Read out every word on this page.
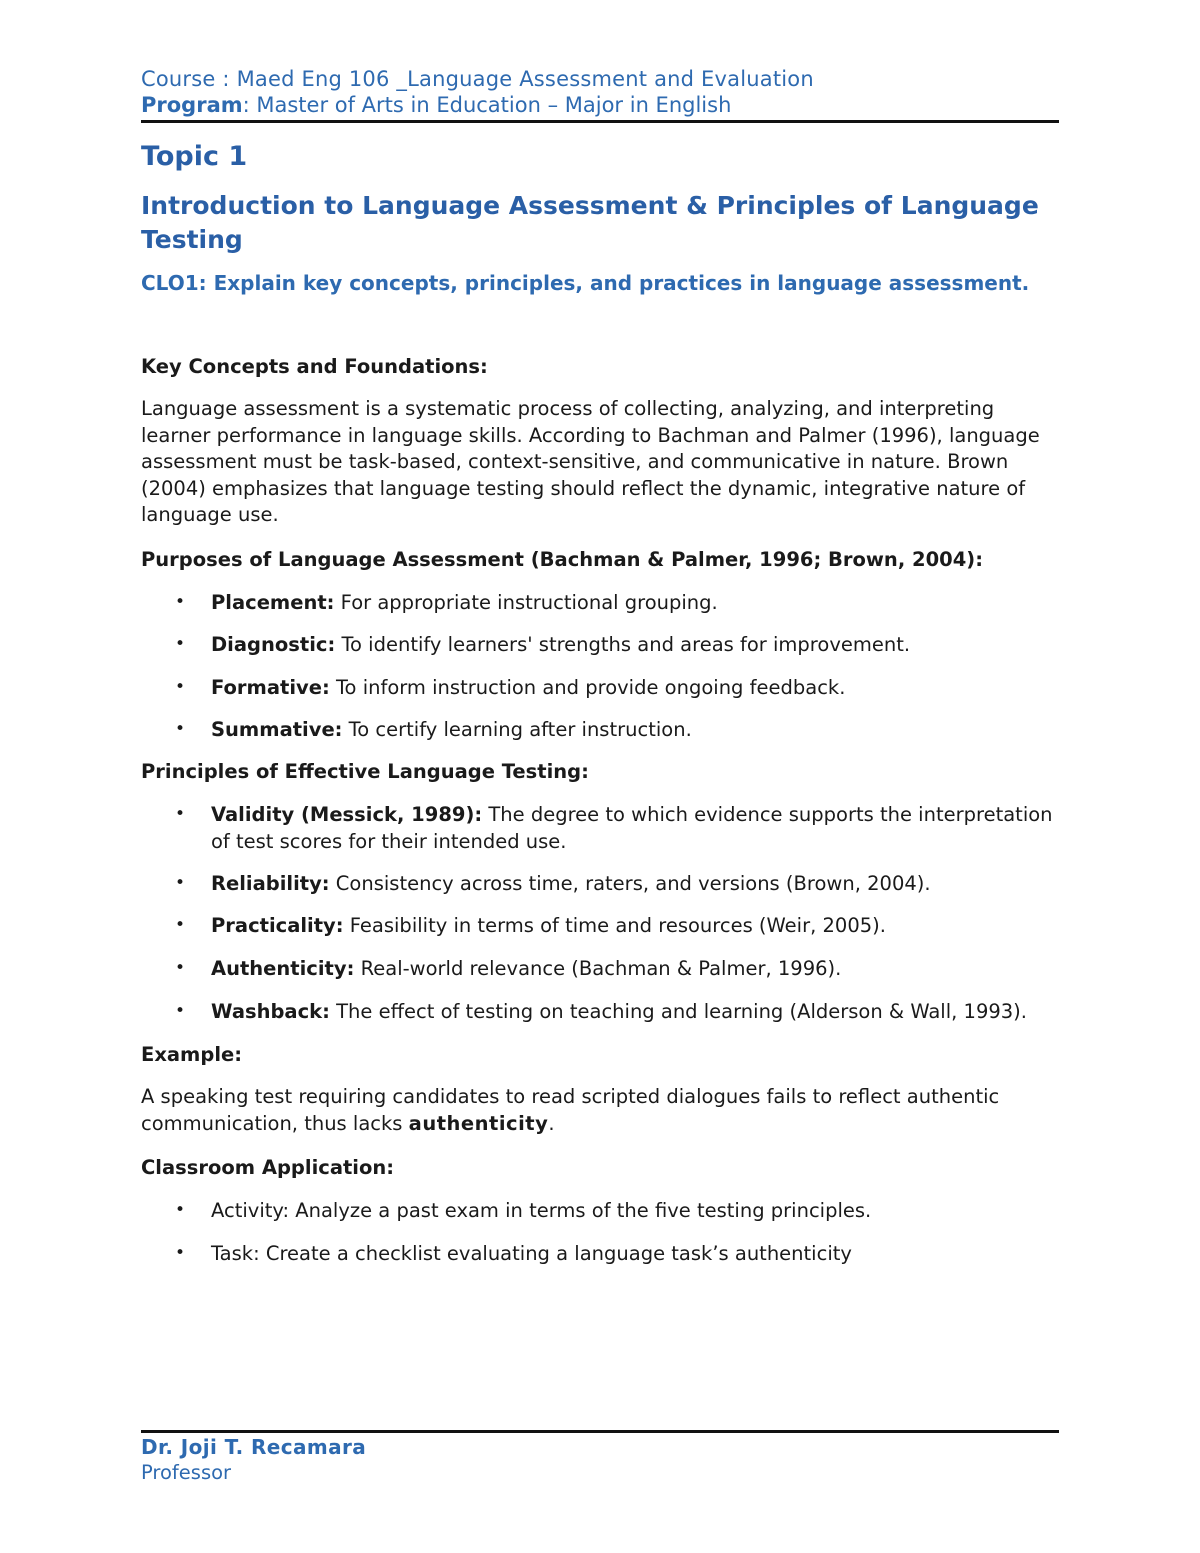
Course : Maed Eng 106 _Language Assessment and Evaluation
Program: Master of Arts in Education – Major in English
Topic 1
Introduction to Language Assessment & Principles of Language Testing
CLO1: Explain key concepts, principles, and practices in language assessment.
Key Concepts and Foundations:

Language assessment is a systematic process of collecting, analyzing, and interpreting learner performance in language skills. According to Bachman and Palmer (1996), language assessment must be task-based, context-sensitive, and communicative in nature. Brown (2004) emphasizes that language testing should reflect the dynamic, integrative nature of language use.

Purposes of Language Assessment (Bachman & Palmer, 1996; Brown, 2004):
• Placement: For appropriate instructional grouping.
• Diagnostic: To identify learners' strengths and areas for improvement.
• Formative: To inform instruction and provide ongoing feedback.
• Summative: To certify learning after instruction.
Principles of Effective Language Testing:
• Validity (Messick, 1989): The degree to which evidence supports the interpretation of test scores for their intended use.
• Reliability: Consistency across time, raters, and versions (Brown, 2004).
• Practicality: Feasibility in terms of time and resources (Weir, 2005).
• Authenticity: Real-world relevance (Bachman & Palmer, 1996).
• Washback: The effect of testing on teaching and learning (Alderson & Wall, 1993).
Example:

A speaking test requiring candidates to read scripted dialogues fails to reflect authentic communication, thus lacks authenticity.

Classroom Application:
• Activity: Analyze a past exam in terms of the five testing principles.
• Task: Create a checklist evaluating a language task’s authenticity
Dr. Joji T. Recamara
Professor
